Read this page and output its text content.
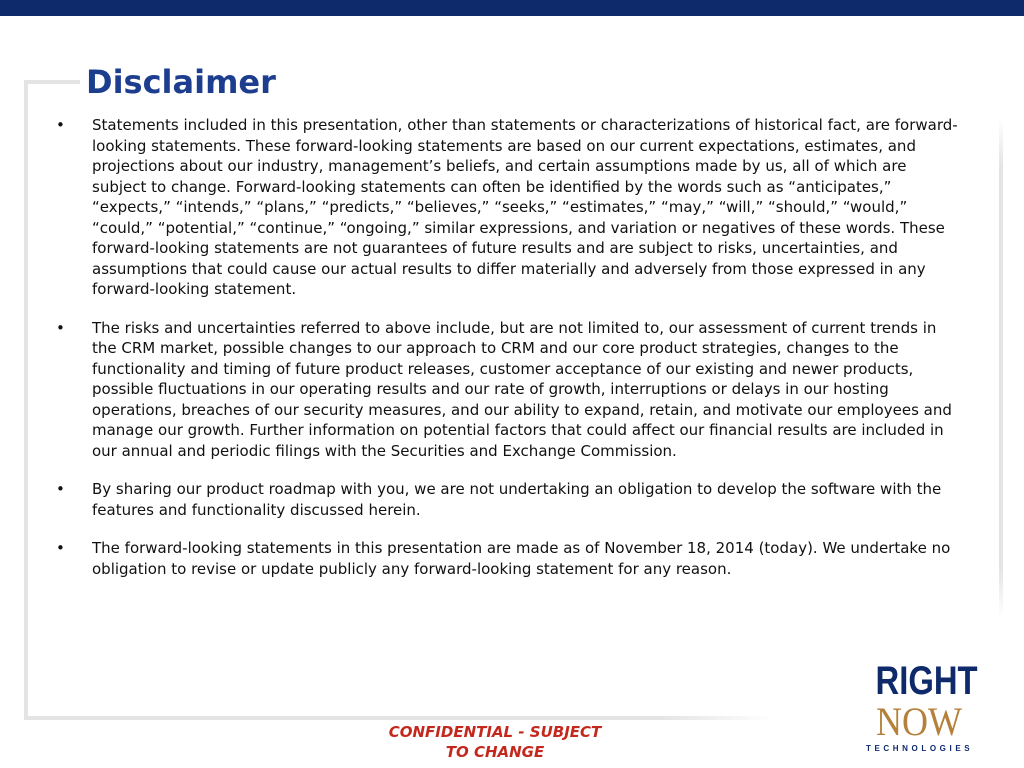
Disclaimer
• Statements included in this presentation, other than statements or characterizations of historical fact, are forward-looking statements. These forward-looking statements are based on our current expectations, estimates, and projections about our industry, management’s beliefs, and certain assumptions made by us, all of which are subject to change. Forward-looking statements can often be identified by the words such as “anticipates,” “expects,” “intends,” “plans,” “predicts,” “believes,” “seeks,” “estimates,” “may,” “will,” “should,” “would,” “could,” “potential,” “continue,” “ongoing,” similar expressions, and variation or negatives of these words. These forward-looking statements are not guarantees of future results and are subject to risks, uncertainties, and assumptions that could cause our actual results to differ materially and adversely from those expressed in any forward-looking statement.
• The risks and uncertainties referred to above include, but are not limited to, our assessment of current trends in the CRM market, possible changes to our approach to CRM and our core product strategies, changes to the functionality and timing of future product releases, customer acceptance of our existing and newer products, possible fluctuations in our operating results and our rate of growth, interruptions or delays in our hosting operations, breaches of our security measures, and our ability to expand, retain, and motivate our employees and manage our growth. Further information on potential factors that could affect our financial results are included in our annual and periodic filings with the Securities and Exchange Commission.
• By sharing our product roadmap with you, we are not undertaking an obligation to develop the software with the features and functionality discussed herein.
• The forward-looking statements in this presentation are made as of November 18, 2014 (today). We undertake no obligation to revise or update publicly any forward-looking statement for any reason.
CONFIDENTIAL - SUBJECT
TO CHANGE
RIGHT
NOW
TECHNOLOGIES
